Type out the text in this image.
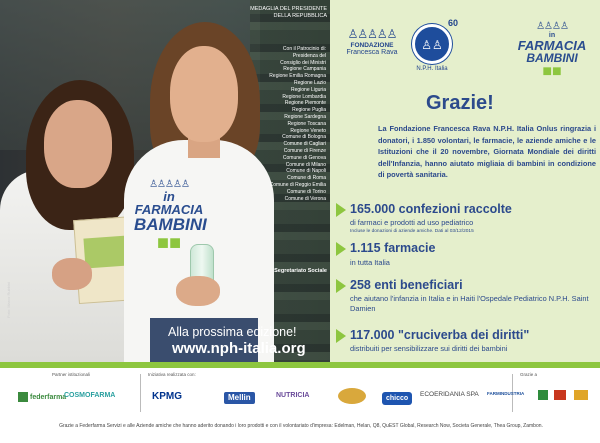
♙♙♙♙♙
in
FARMACIA
BAMBINI
■■
MEDAGLIA DEL PRESIDENTE DELLA REPUBBLICA
Con il Patrocinio di:
Presidenza del
Consiglio dei Ministri
Regione Campania
Regione Emilia Romagna
Regione Lazio
Regione Liguria
Regione Lombardia
Regione Piemonte
Regione Puglia
Regione Sardegna
Regione Toscana
Regione Veneto
Comune di Bologna
Comune di Cagliari
Comune di Firenze
Comune di Genova
Comune di Milano
Comune di Napoli
Comune di Roma
Comune di Reggio Emilia
Comune di Torino
Comune di Verona
Segretariato Sociale
Foto: Marco Rubbini
Alla prossima edizione!
www.nph-italia.org
♙♙♙♙♙
FONDAZIONE
Francesca Rava
♙♙
60
N.P.H. Italia
♙♙♙♙
in
FARMACIA
BAMBINI
■■
Grazie!
La Fondazione Francesca Rava N.P.H. Italia Onlus ringrazia i donatori, i 1.850 volontari, le farmacie, le aziende amiche e le Istituzioni che il 20 novembre, Giornata Mondiale dei diritti dell'Infanzia, hanno aiutato migliaia di bambini in condizione di povertà sanitaria.
165.000 confezioni raccolte
di farmaci e prodotti ad uso pediatrico
Incluse le donazioni di aziende amiche. Dati al 03/12/2015
1.115 farmacie
in tutta Italia
258 enti beneficiari
che aiutano l'infanzia in Italia e in Haiti l'Ospedale Pediatrico N.P.H. Saint Damien
117.000 "cruciverba dei diritti"
distribuiti per sensibilizzare sui diritti dei bambini
Partner istituzionali	Iniziativa realizzata con:	Grazie a
federfarma
COSMOFARMA	KPMG	Mellin	NUTRICIA	chicco
ECOERIDANIA SPA FARMINDUSTRIA
Grazie a Federfarma Servizi e alle Aziende amiche che hanno aderito donando i loro prodotti e con il volontariato d'impresa: Edelman, Helan, Q8, QuEST Global, Research Now, Societa Generale, Thea Group, Zambon.
